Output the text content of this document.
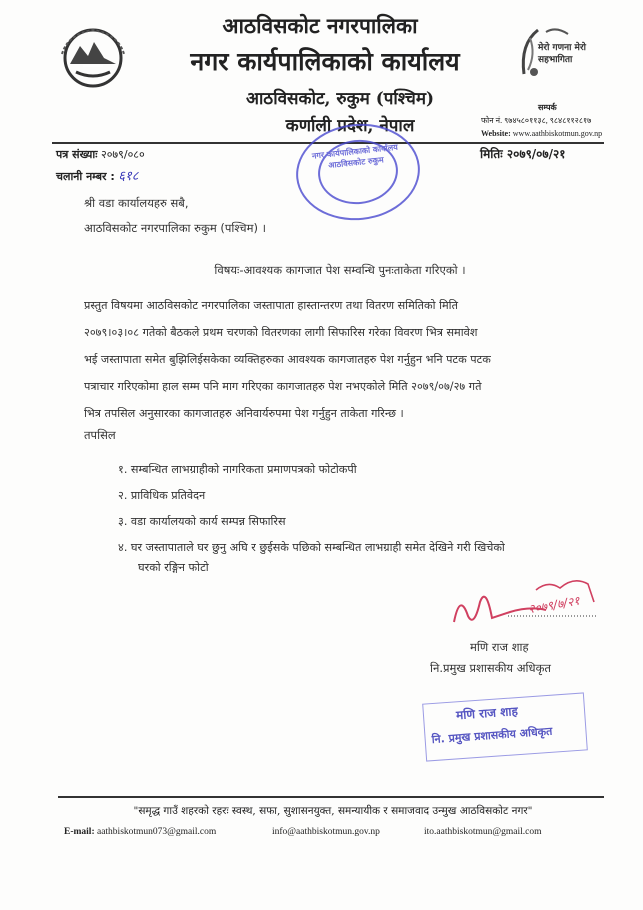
आठविसकोट नगरपालिका
नगर कार्यपालिकाको कार्यालय
आठविसकोट, रुकुम (पश्चिम)
कर्णाली प्रदेश, नेपाल
मेरो गणना मेरो सहभागिता
सम्पर्क
फोन नं. ९७४५८०११३८, ९८४८११२८१७
Website: www.aathbiskotmun.gov.np
नगर कार्यपालिकाको कार्यालय आठविसकोट रुकुम
पत्र संख्याः २०७९/०८०
चलानी नम्बर : ६१८
मितिः २०७९/०७/२१
श्री वडा कार्यालयहरु सबै,
आठविसकोट नगरपालिका रुकुम (पश्चिम) ।
विषयः-आवश्यक कागजात पेश सम्वन्धि पुनःताकेता गरिएको ।
प्रस्तुत विषयमा आठविसकोट नगरपालिका जस्तापाता हास्तान्तरण तथा वितरण समितिको मिति
२०७९।०३।०८ गतेको बैठकले प्रथम चरणको वितरणका लागी सिफारिस गरेका विवरण भित्र समावेश
भई जस्तापाता समेत बुझिलिईसकेका व्यक्तिहरुका आवश्यक कागजातहरु पेश गर्नुहुन भनि पटक पटक
पत्राचार गरिएकोमा हाल सम्म पनि माग गरिएका कागजातहरु पेश नभएकोले मिति २०७९/०७/२७ गते
भित्र तपसिल अनुसारका कागजातहरु अनिवार्यरुपमा पेश गर्नुहुन ताकेता गरिन्छ ।
तपसिल
१. सम्बन्धित लाभग्राहीको नागरिकता प्रमाणपत्रको फोटोकपी
२. प्राविधिक प्रतिवेदन
३. वडा कार्यालयको कार्य सम्पन्न सिफारिस
४. घर जस्तापाताले घर छुनु अघि र छुईसके पछिको सम्बन्धित लाभग्राही समेत देखिने गरी खिचेको
घरको रङ्गिन फोटो
२०७९/७/२१
मणि राज शाह
नि.प्रमुख प्रशासकीय अधिकृत
मणि राज शाह
नि. प्रमुख प्रशासकीय अधिकृत
"समृद्ध गाउँ शहरको रहरः स्वस्थ, सफा, सुशासनयुक्त, समन्यायीक र समाजवाद उन्मुख आठविसकोट नगर"
E-mail: aathbiskotmun073@gmail.com	info@aathbiskotmun.gov.np	ito.aathbiskotmun@gmail.com
